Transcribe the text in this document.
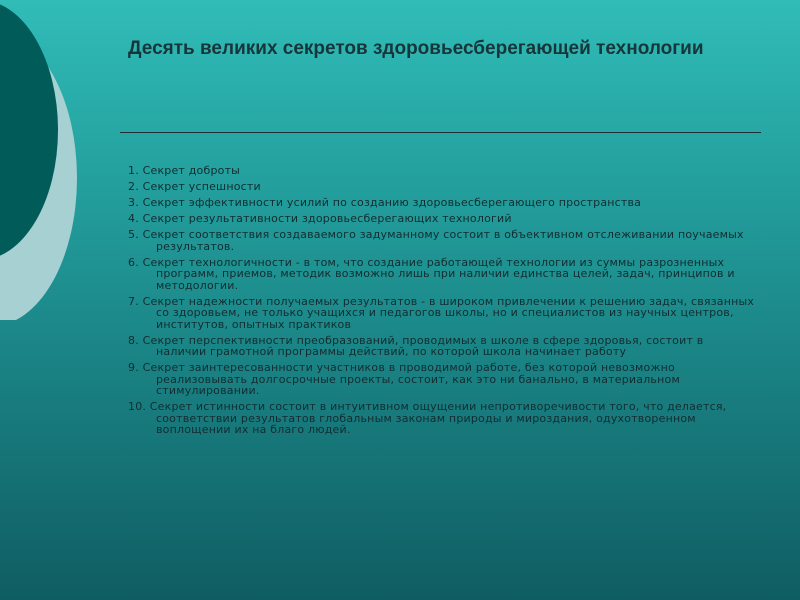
Десять великих секретов здоровьесберегающей технологии
1. Секрет доброты
2. Секрет успешности
3. Секрет эффективности усилий по созданию здоровьесберегающего пространства
4. Секрет результативности здоровьесберегающих технологий
5. Секрет соответствия создаваемого задуманному состоит в объективном отслеживании поучаемых результатов.
6. Секрет технологичности - в том, что создание работающей технологии из суммы разрозненных программ, приемов, методик возможно лишь при наличии единства целей, задач, принципов и методологии.
7. Секрет надежности получаемых результатов - в широком привлечении к решению задач, связанных со здоровьем, не только учащихся и педагогов школы, но и специалистов из научных центров, институтов, опытных практиков
8. Секрет перспективности преобразований, проводимых в школе в сфере здоровья, состоит в наличии грамотной программы действий, по которой школа начинает работу
9. Секрет заинтересованности участников в проводимой работе, без которой невозможно реализовывать долгосрочные проекты, состоит, как это ни банально, в материальном стимулировании.
10. Секрет истинности состоит в интуитивном ощущении непротиворечивости того, что делается, соответствии результатов глобальным законам природы и мироздания, одухотворенном воплощении их на благо людей.
